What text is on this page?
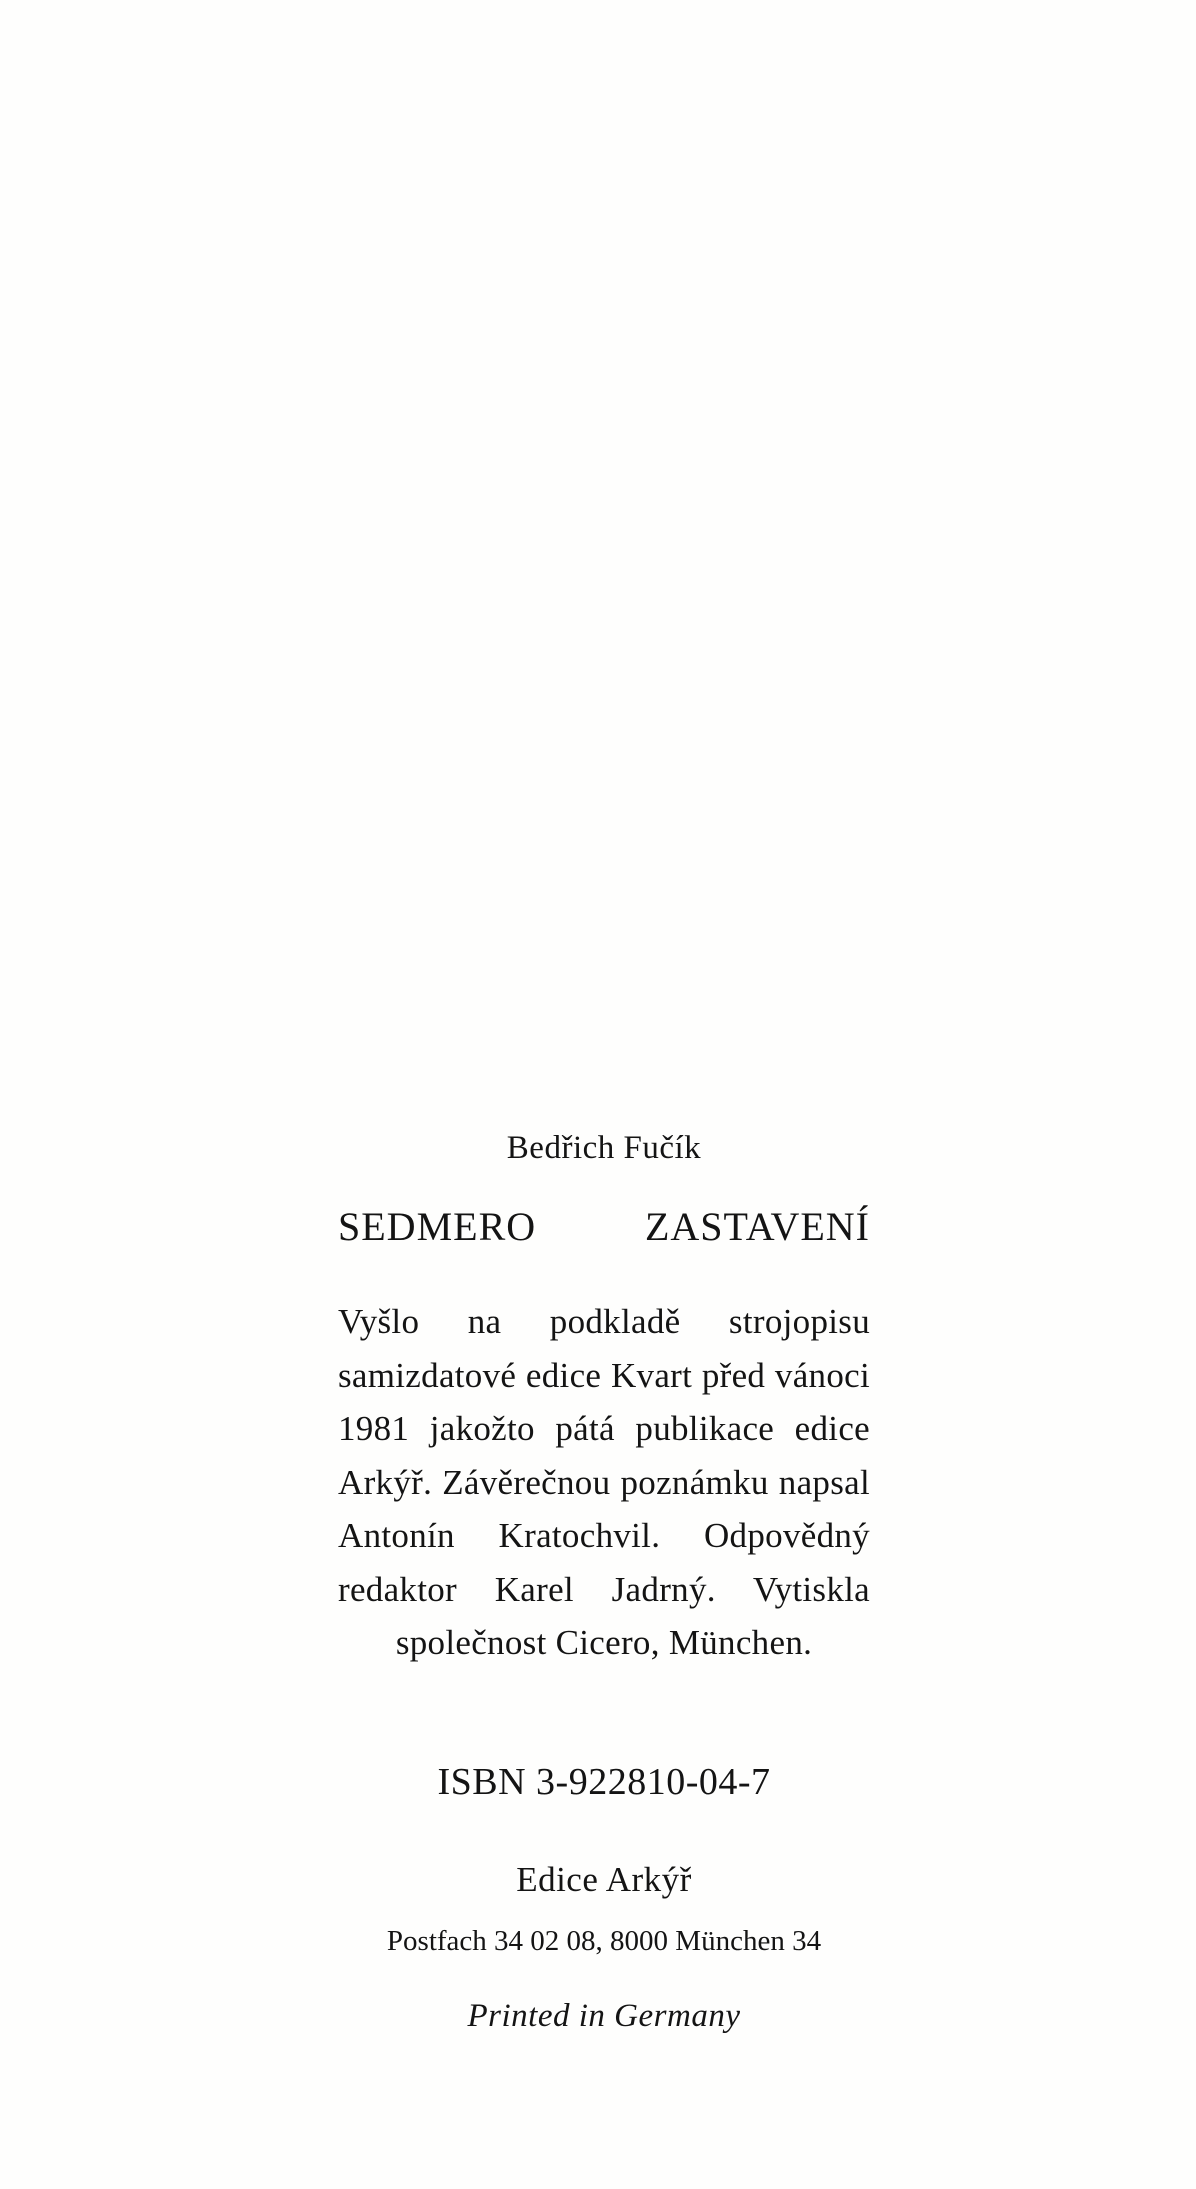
Bedřich Fučík
SEDMERO ZASTAVENÍ

Vyšlo na podkladě strojopisu samizdatové edice Kvart před vánoci 1981 jakožto pátá publikace edice Arkýř. Závěrečnou poznámku napsal Antonín Kratochvil. Odpovědný redaktor Karel Jadrný. Vytiskla společnost Cicero, München.

ISBN 3-922810-04-7
Edice Arkýř
Postfach 34 02 08, 8000 München 34
Printed in Germany
